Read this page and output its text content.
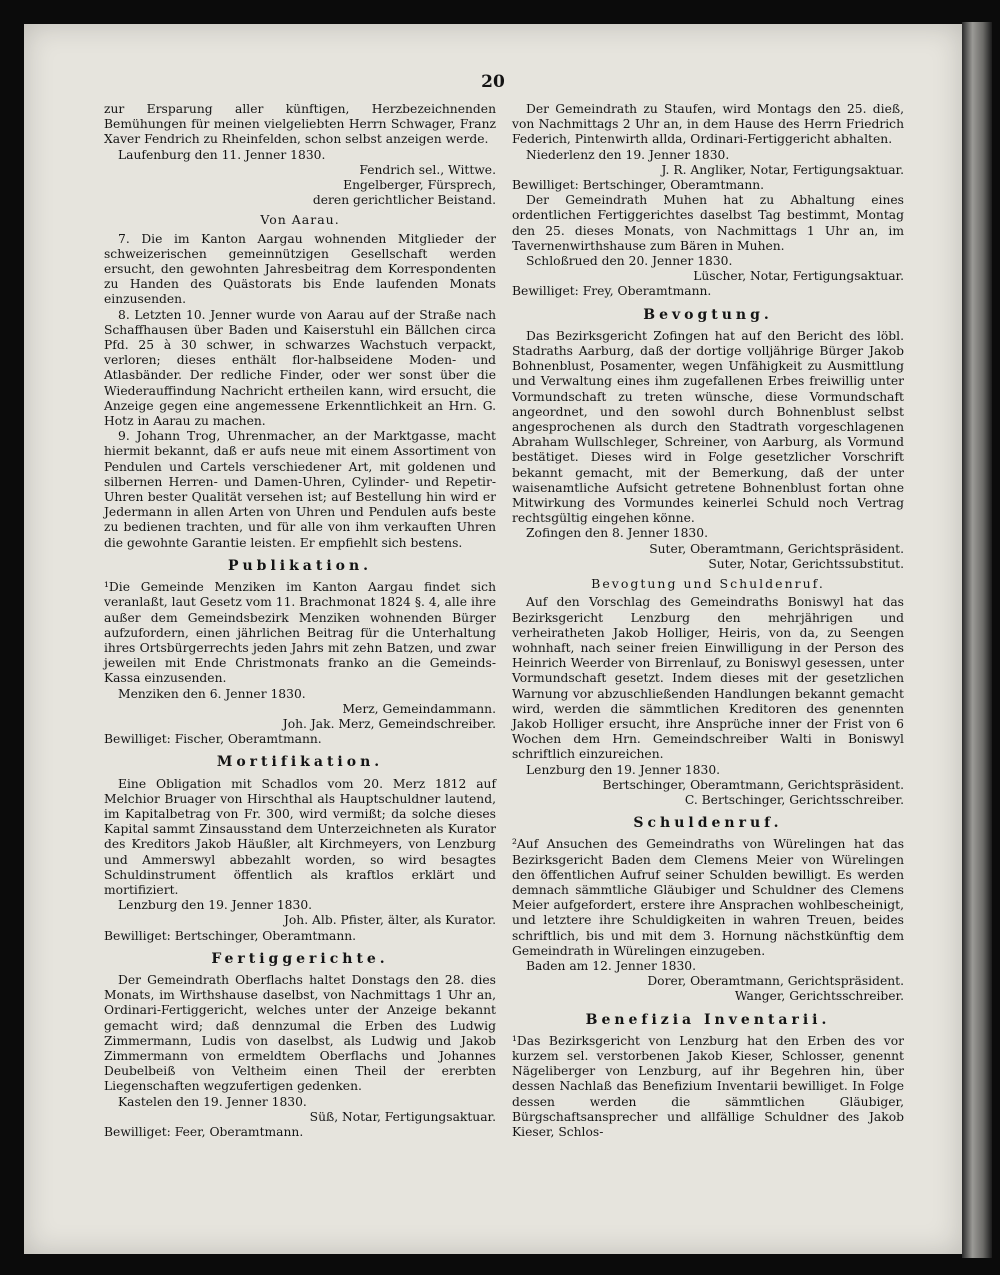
20

zur Ersparung aller künftigen, Herzbezeichnenden Bemühungen für meinen vielgeliebten Herrn Schwager, Franz Xaver Fendrich zu Rheinfelden, schon selbst anzeigen werde.

Laufenburg den 11. Jenner 1830.

Fendrich sel., Wittwe.
Engelberger, Fürsprech,
deren gerichtlicher Beistand.
Von Aarau.

7. Die im Kanton Aargau wohnenden Mitglieder der schweizerischen gemeinnützigen Gesellschaft werden ersucht, den gewohnten Jahresbeitrag dem Korrespondenten zu Handen des Quästorats bis Ende laufenden Monats einzusenden.

8. Letzten 10. Jenner wurde von Aarau auf der Straße nach Schaffhausen über Baden und Kaiserstuhl ein Bällchen circa Pfd. 25 à 30 schwer, in schwarzes Wachstuch verpackt, verloren; dieses enthält flor-halbseidene Moden- und Atlasbänder. Der redliche Finder, oder wer sonst über die Wiederauffindung Nachricht ertheilen kann, wird ersucht, die Anzeige gegen eine angemessene Erkenntlichkeit an Hrn. G. Hotz in Aarau zu machen.

9. Johann Trog, Uhrenmacher, an der Marktgasse, macht hiermit bekannt, daß er aufs neue mit einem Assortiment von Pendulen und Cartels verschiedener Art, mit goldenen und silbernen Herren- und Damen-Uhren, Cylinder- und Repetir-Uhren bester Qualität versehen ist; auf Bestellung hin wird er Jedermann in allen Arten von Uhren und Pendulen aufs beste zu bedienen trachten, und für alle von ihm verkauften Uhren die gewohnte Garantie leisten. Er empfiehlt sich bestens.

Publikation.

¹Die Gemeinde Menziken im Kanton Aargau findet sich veranlaßt, laut Gesetz vom 11. Brachmonat 1824 §. 4, alle ihre außer dem Gemeindsbezirk Menziken wohnenden Bürger aufzufordern, einen jährlichen Beitrag für die Unterhaltung ihres Ortsbürgerrechts jeden Jahrs mit zehn Batzen, und zwar jeweilen mit Ende Christmonats franko an die Gemeinds-Kassa einzusenden.

Menziken den 6. Jenner 1830.

Merz, Gemeindammann.
Joh. Jak. Merz, Gemeindschreiber.
Bewilliget: Fischer, Oberamtmann.
Mortifikation.

Eine Obligation mit Schadlos vom 20. Merz 1812 auf Melchior Bruager von Hirschthal als Hauptschuldner lautend, im Kapitalbetrag von Fr. 300, wird vermißt; da solche dieses Kapital sammt Zinsausstand dem Unterzeichneten als Kurator des Kreditors Jakob Häußler, alt Kirchmeyers, von Lenzburg und Ammerswyl abbezahlt worden, so wird besagtes Schuldinstrument öffentlich als kraftlos erklärt und mortifiziert.

Lenzburg den 19. Jenner 1830.

Joh. Alb. Pfister, älter, als Kurator.
Bewilliget: Bertschinger, Oberamtmann.
Fertiggerichte.

Der Gemeindrath Oberflachs haltet Donstags den 28. dies Monats, im Wirthshause daselbst, von Nachmittags 1 Uhr an, Ordinari-Fertiggericht, welches unter der Anzeige bekannt gemacht wird; daß dennzumal die Erben des Ludwig Zimmermann, Ludis von daselbst, als Ludwig und Jakob Zimmermann von ermeldtem Oberflachs und Johannes Deubelbeiß von Veltheim einen Theil der ererbten Liegenschaften wegzufertigen gedenken.

Kastelen den 19. Jenner 1830.

Süß, Notar, Fertigungsaktuar.
Bewilliget: Feer, Oberamtmann.

Der Gemeindrath zu Staufen, wird Montags den 25. dieß, von Nachmittags 2 Uhr an, in dem Hause des Herrn Friedrich Federich, Pintenwirth allda, Ordinari-Fertiggericht abhalten.

Niederlenz den 19. Jenner 1830.

J. R. Angliker, Notar, Fertigungsaktuar.
Bewilliget: Bertschinger, Oberamtmann.

Der Gemeindrath Muhen hat zu Abhaltung eines ordentlichen Fertiggerichtes daselbst Tag bestimmt, Montag den 25. dieses Monats, von Nachmittags 1 Uhr an, im Tavernenwirthshause zum Bären in Muhen.

Schloßrued den 20. Jenner 1830.

Lüscher, Notar, Fertigungsaktuar.
Bewilliget: Frey, Oberamtmann.
Bevogtung.

Das Bezirksgericht Zofingen hat auf den Bericht des löbl. Stadraths Aarburg, daß der dortige volljährige Bürger Jakob Bohnenblust, Posamenter, wegen Unfähigkeit zu Ausmittlung und Verwaltung eines ihm zugefallenen Erbes freiwillig unter Vormundschaft zu treten wünsche, diese Vormundschaft angeordnet, und den sowohl durch Bohnenblust selbst angesprochenen als durch den Stadtrath vorgeschlagenen Abraham Wullschleger, Schreiner, von Aarburg, als Vormund bestätiget. Dieses wird in Folge gesetzlicher Vorschrift bekannt gemacht, mit der Bemerkung, daß der unter waisenamtliche Aufsicht getretene Bohnenblust fortan ohne Mitwirkung des Vormundes keinerlei Schuld noch Vertrag rechtsgültig eingehen könne.

Zofingen den 8. Jenner 1830.

Suter, Oberamtmann, Gerichtspräsident.
Suter, Notar, Gerichtssubstitut.
Bevogtung und Schuldenruf.

Auf den Vorschlag des Gemeindraths Boniswyl hat das Bezirksgericht Lenzburg den mehrjährigen und verheiratheten Jakob Holliger, Heiris, von da, zu Seengen wohnhaft, nach seiner freien Einwilligung in der Person des Heinrich Weerder von Birrenlauf, zu Boniswyl gesessen, unter Vormundschaft gesetzt. Indem dieses mit der gesetzlichen Warnung vor abzuschließenden Handlungen bekannt gemacht wird, werden die sämmtlichen Kreditoren des genennten Jakob Holliger ersucht, ihre Ansprüche inner der Frist von 6 Wochen dem Hrn. Gemeindschreiber Walti in Boniswyl schriftlich einzureichen.

Lenzburg den 19. Jenner 1830.

Bertschinger, Oberamtmann, Gerichtspräsident.
C. Bertschinger, Gerichtsschreiber.
Schuldenruf.

²Auf Ansuchen des Gemeindraths von Würelingen hat das Bezirksgericht Baden dem Clemens Meier von Würelingen den öffentlichen Aufruf seiner Schulden bewilligt. Es werden demnach sämmtliche Gläubiger und Schuldner des Clemens Meier aufgefordert, erstere ihre Ansprachen wohlbescheinigt, und letztere ihre Schuldigkeiten in wahren Treuen, beides schriftlich, bis und mit dem 3. Hornung nächstkünftig dem Gemeindrath in Würelingen einzugeben.

Baden am 12. Jenner 1830.

Dorer, Oberamtmann, Gerichtspräsident.
Wanger, Gerichtsschreiber.
Benefizia Inventarii.

¹Das Bezirksgericht von Lenzburg hat den Erben des vor kurzem sel. verstorbenen Jakob Kieser, Schlosser, genennt Nägeliberger von Lenzburg, auf ihr Begehren hin, über dessen Nachlaß das Benefizium Inventarii bewilliget. In Folge dessen werden die sämmtlichen Gläubiger, Bürgschaftsansprecher und allfällige Schuldner des Jakob Kieser, Schlos-
